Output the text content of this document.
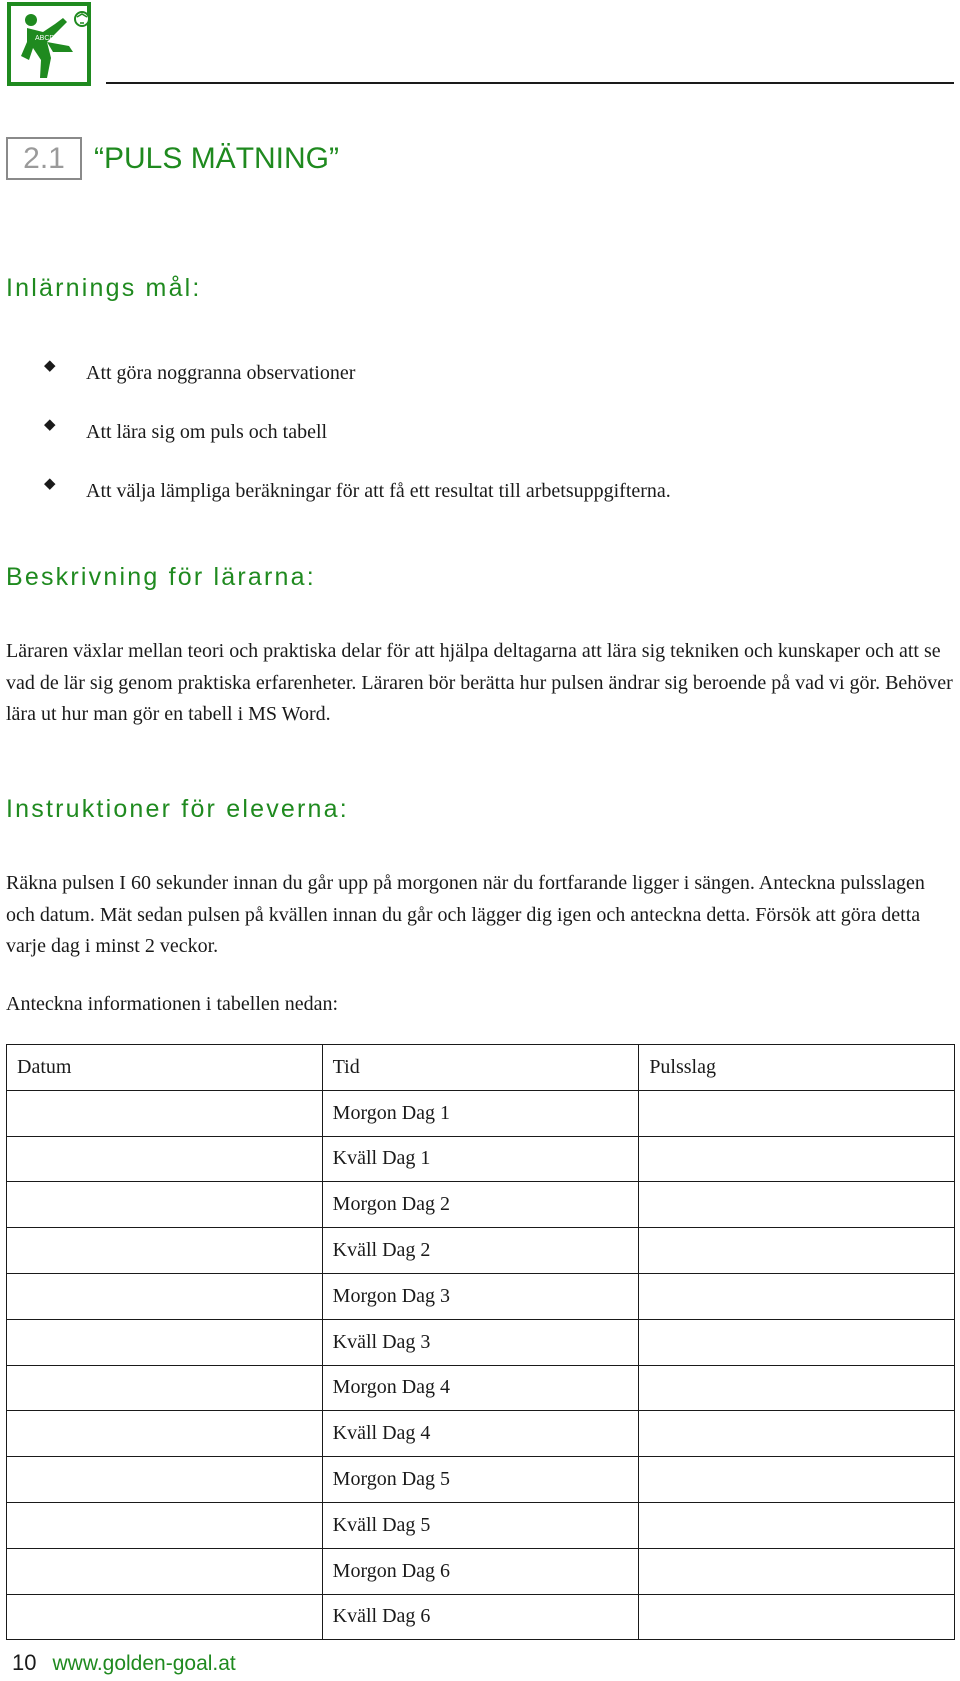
ABCD
2.1 “PULS MÄTNING”
Inlärnings mål:
◆	Att göra noggranna observationer
◆	Att lära sig om puls och tabell
◆	Att välja lämpliga beräkningar för att få ett resultat till arbetsuppgifterna.
Beskrivning för lärarna:

Läraren växlar mellan teori och praktiska delar för att hjälpa deltagarna att lära sig tekniken och kunskaper och att se vad de lär sig genom praktiska erfarenheter. Läraren bör berätta hur pulsen ändrar sig beroende på vad vi gör. Behöver lära ut hur man gör en tabell i MS Word.

Instruktioner för eleverna:

Räkna pulsen I 60 sekunder innan du går upp på morgonen när du fortfarande ligger i sängen. Anteckna pulsslagen och datum. Mät sedan pulsen på kvällen innan du går och lägger dig igen och anteckna detta. Försök att göra detta varje dag i minst 2 veckor.

Anteckna informationen i tabellen nedan:

Datum	Tid	Pulsslag
	Morgon Dag 1	
	Kväll Dag 1	
	Morgon Dag 2	
	Kväll Dag 2	
	Morgon Dag 3	
	Kväll Dag 3	
	Morgon Dag 4	
	Kväll Dag 4	
	Morgon Dag 5	
	Kväll Dag 5	
	Morgon Dag 6	
	Kväll Dag 6	
10 www.golden-goal.at
